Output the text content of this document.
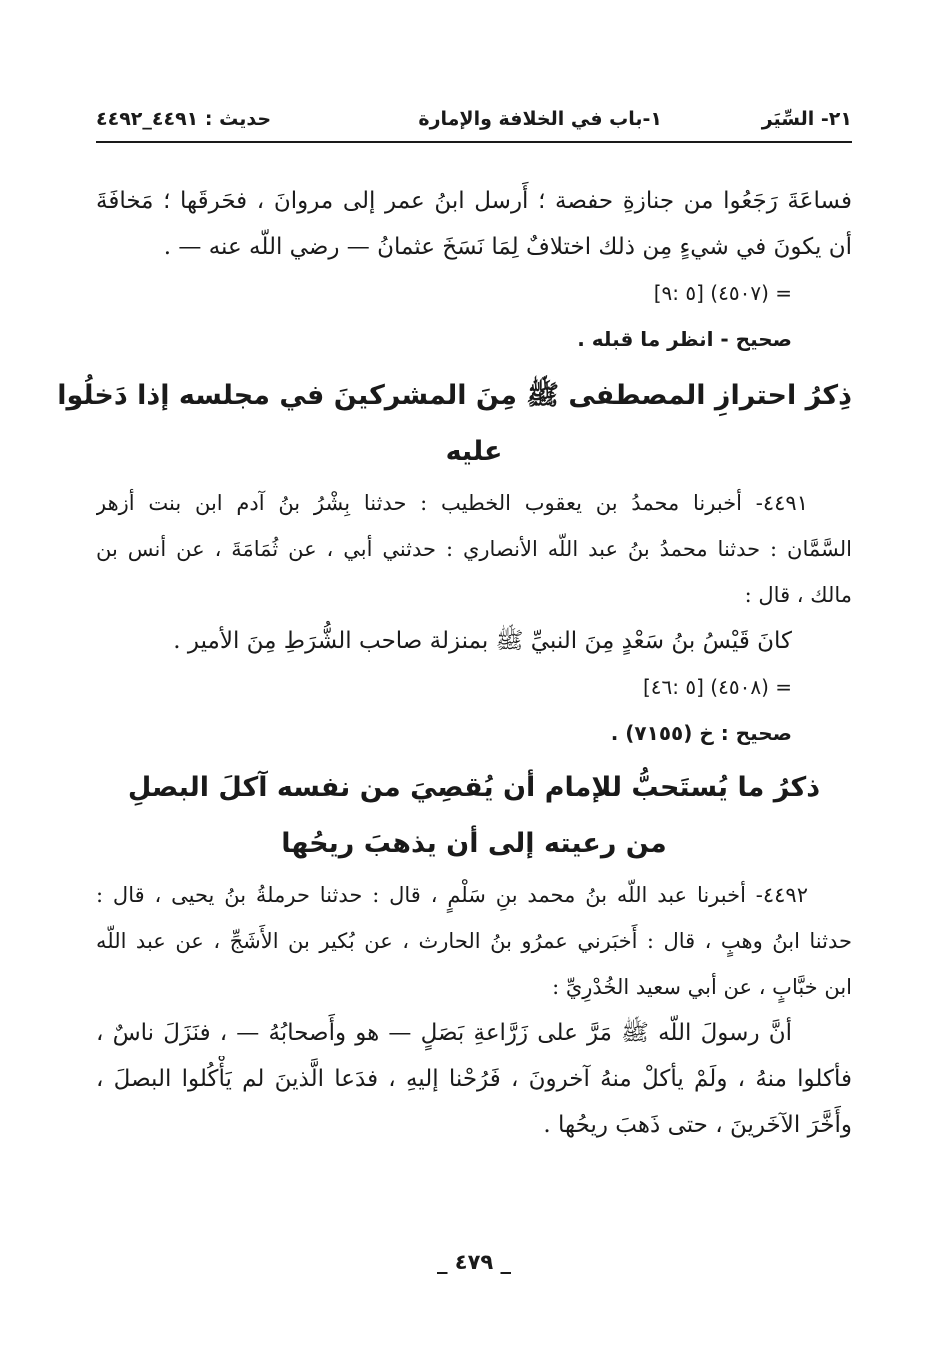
٢١- السِّيَر
١-باب في الخلافة والإمارة
حديث : ٤٤٩١_٤٤٩٢
فساعَةَ رَجَعُوا من جنازةِ حفصة ؛ أَرسل ابنُ عمر إلى مروانَ ، فحَرقَها ؛ مَخافَةَ
أن يكونَ في شيءٍ مِن ذلك اختلافٌ لِمَا نَسَخَ عثمانُ — رضي اللّه عنه — .
= (٤٥٠٧) [٥ :٩]
صحيح - انظر ما قبله .
ذِكرُ احترازِ المصطفى ﷺ مِنَ المشركينَ في مجلسه إذا دَخلُوا
عليه
٤٤٩١- أخبرنا محمدُ بن يعقوب الخطيب : حدثنا بِشْرُ بنُ آدم ابن بنت أزهر
السَّمَّان : حدثنا محمدُ بنُ عبد اللّه الأنصاري : حدثني أبي ، عن ثُمَامَةَ ، عن أنس بن
مالك ، قال :
كانَ قَيْسُ بنُ سَعْدٍ مِنَ النبيِّ ﷺ بمنزلة صاحب الشُّرَطِ مِنَ الأمير .
= (٤٥٠٨) [٥ :٤٦]
صحيح : خ (٧١٥٥) .
ذكرُ ما يُستَحبُّ للإمام أن يُقصِيَ من نفسه آكلَ البصلِ
من رعيته إلى أن يذهبَ ريحُها
٤٤٩٢- أخبرنا عبد اللّه بنُ محمد بنِ سَلْمٍ ، قال : حدثنا حرملةُ بنُ يحيى ، قال :
حدثنا ابنُ وهبٍ ، قال : أَخبَرني عمرُو بنُ الحارث ، عن بُكير بن الأَشَجِّ ، عن عبد اللّه
ابن خبَّابٍ ، عن أبي سعيد الخُدْرِيِّ :
أنَّ رسولَ اللّه ﷺ مَرَّ على زَرَّاعةِ بَصَلٍ — هو وأَصحابُهُ — ، فنَزَلَ ناسٌ ،
فأكلوا منهُ ، ولَمْ يأكلْ منهُ آخرونَ ، فَرُحْنا إليهِ ، فدَعا الَّذينَ لم يَأْكُلوا البصلَ ،
وأَخَّرَ الآخَرينَ ، حتى ذَهبَ ريحُها .
_ ٤٧٩ _
